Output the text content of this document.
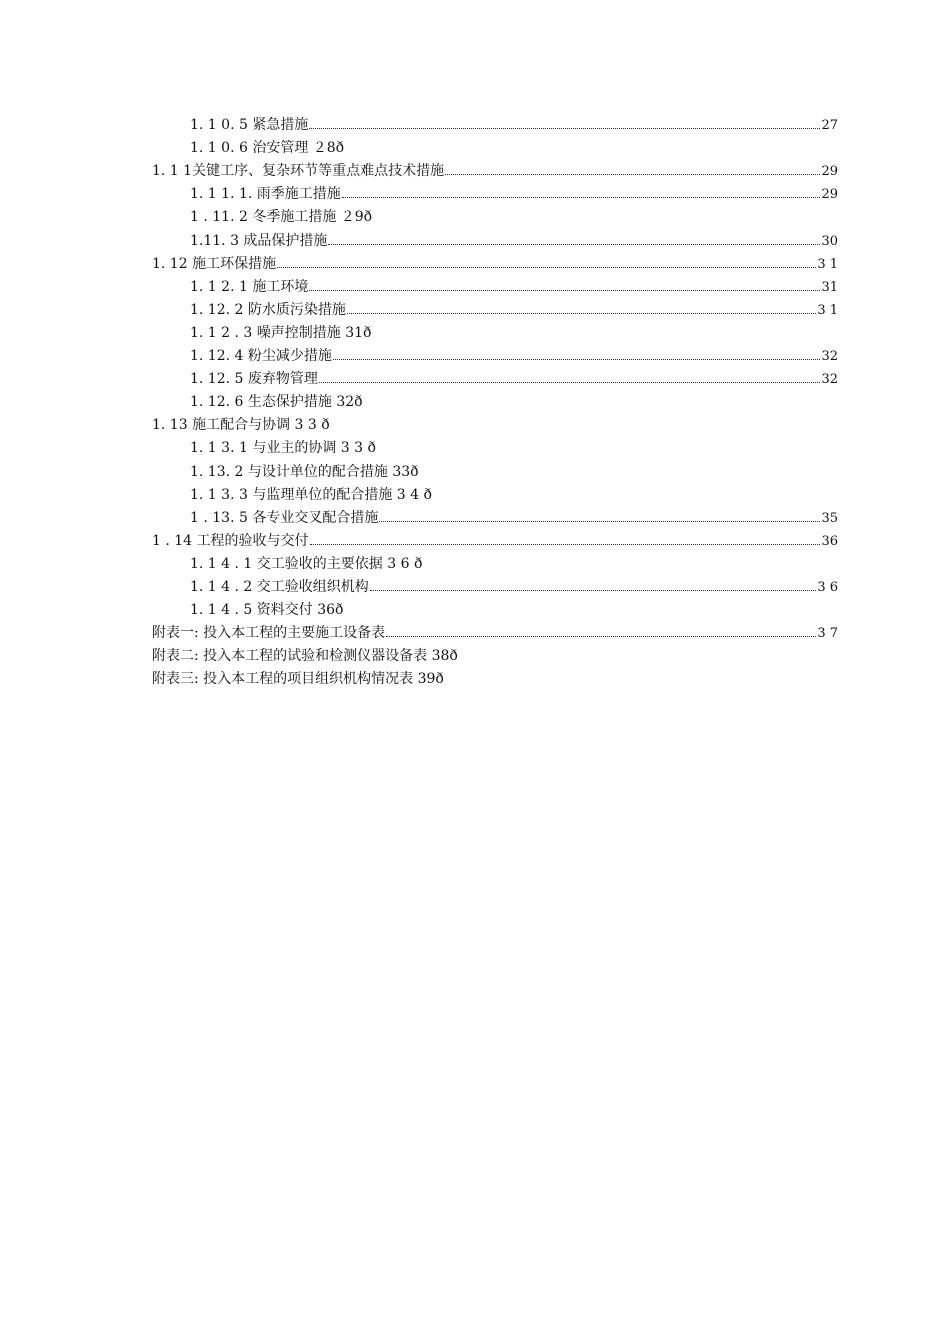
1. 1 0. 5 紧急措施	27
1. 1 0. 6 治安管理 ２8ð
1. 1 1关键工序、复杂环节等重点难点技术措施	29
1. 1 1. 1. 雨季施工措施	29
1 . 11. 2 冬季施工措施 ２9ð
1.11. 3 成品保护措施	30
1. 12 施工环保措施	3 1
1. 1 2. 1 施工环境	31
1. 12. 2 防水质污染措施	3 1
1. 1 2 . 3 噪声控制措施 31ð
1. 12. 4 粉尘减少措施	32
1. 12. 5 废弃物管理	32
1. 12. 6 生态保护措施 32ð
1. 13 施工配合与协调 3 3 ð
1. 1 3. 1 与业主的协调 3 3 ð
1. 13. 2 与设计单位的配合措施 33ð
1. 1 3. 3 与监理单位的配合措施 3 4 ð
1 . 13. 5 各专业交叉配合措施	35
1 . 14 工程的验收与交付	36
1. 1 4 . 1 交工验收的主要依据 3 6 ð
1. 1 4 . 2 交工验收组织机构	3 6
1. 1 4 . 5 资料交付 36ð
附表一: 投入本工程的主要施工设备表	3 7
附表二: 投入本工程的试验和检测仪器设备表 38ð
附表三: 投入本工程的项目组织机构情况表 39ð
